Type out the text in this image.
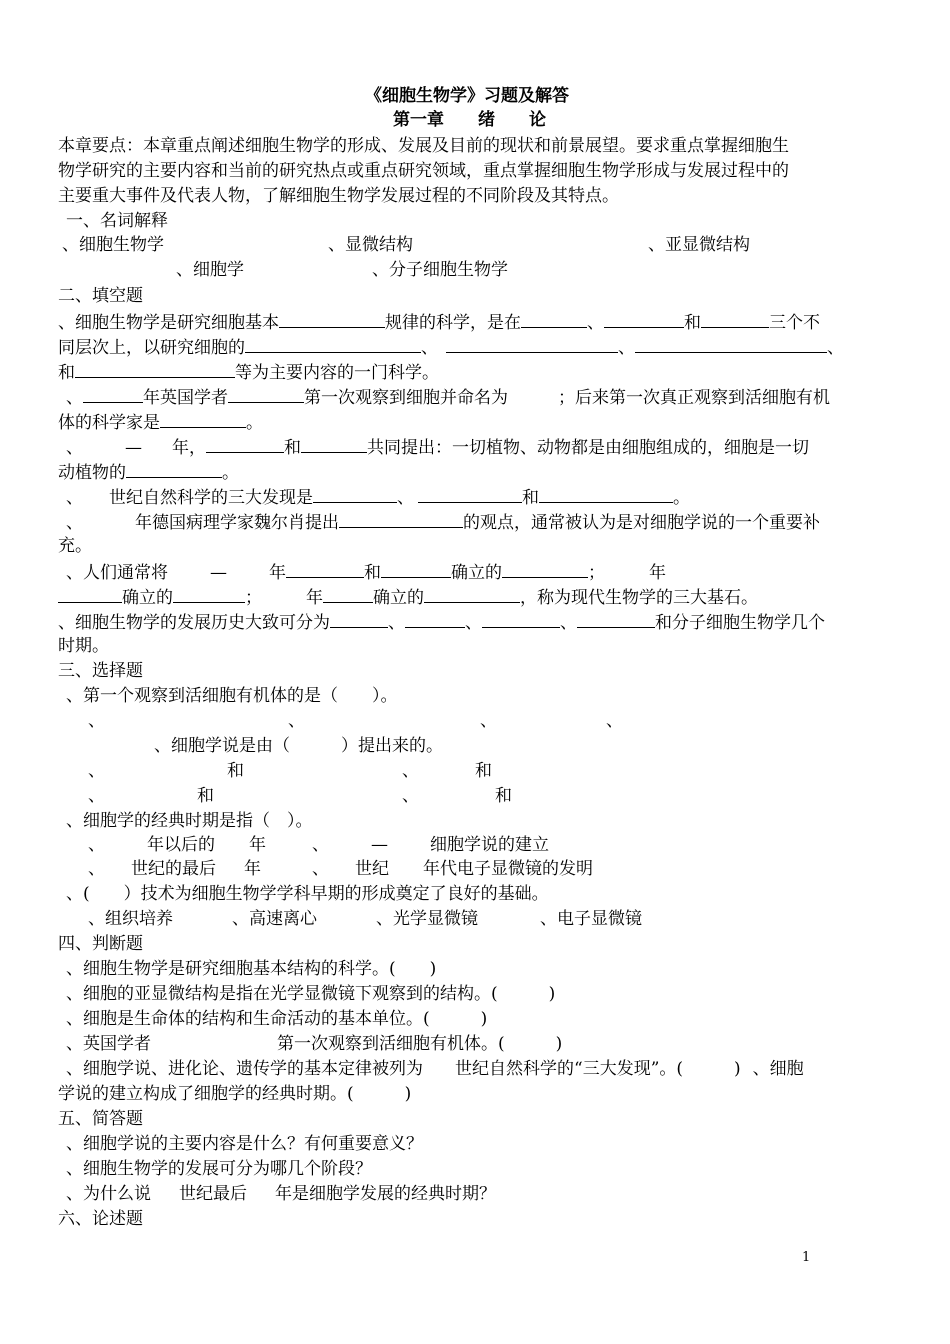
《细胞生物学》习题及解答
第一章　　绪　　论
本章要点：本章重点阐述细胞生物学的形成、发展及目前的现状和前景展望。要求重点掌握细胞生
物学研究的主要内容和当前的研究热点或重点研究领域，重点掌握细胞生物学形成与发展过程中的
主要重大事件及代表人物，了解细胞生物学发展过程的不同阶段及其特点。
一、名词解释
、细胞生物学	、显微结构	、亚显微结构
、细胞学	、分子细胞生物学
二、填空题
、细胞生物学是研究细胞基本	规律的科学，是在	、	和	三个不
同层次上，以研究细胞的	、	、	、
和	等为主要内容的一门科学。
、	年英国学者	第一次观察到细胞并命名为	；后来第一次真正观察到活细胞有机
体的科学家是	。
、 — 年，	和	共同提出：一切植物、动物都是由细胞组成的，细胞是一切
动植物的	。
、 世纪自然科学的三大发现是	、	和	。
、	年德国病理学家魏尔肖提出	的观点，通常被认为是对细胞学说的一个重要补
充。
、人们通常将 — 年	和	确立的	；	年
确立的	；	年	确立的	，称为现代生物学的三大基石。
、细胞生物学的发展历史大致可分为	、	、	、	和分子细胞生物学几个
时期。
三、选择题
、第一个观察到活细胞有机体的是（　　）。
、	、	、	、
、细胞学说是由（　　　）提出来的。
、	和	、	和
、	和	、	和
、细胞学的经典时期是指（　）。
、 年以后的 年	、 — 细胞学说的建立
、 世纪的最后 年	、 世纪 年代电子显微镜的发明
、(　　）技术为细胞生物学学科早期的形成奠定了良好的基础。
、组织培养	、高速离心	、光学显微镜	、电子显微镜
四、判断题
、细胞生物学是研究细胞基本结构的科学。(　　)
、细胞的亚显微结构是指在光学显微镜下观察到的结构。(　　　)
、细胞是生命体的结构和生命活动的基本单位。(　　　)
、英国学者	第一次观察到活细胞有机体。(　　　)
、细胞学说、进化论、遗传学的基本定律被列为 世纪自然科学的“三大发现”。(　　　) 、细胞
学说的建立构成了细胞学的经典时期。(　　　)
五、简答题
、细胞学说的主要内容是什么？有何重要意义？
、细胞生物学的发展可分为哪几个阶段？
、为什么说 世纪最后 年是细胞学发展的经典时期？
六、论述题
1
